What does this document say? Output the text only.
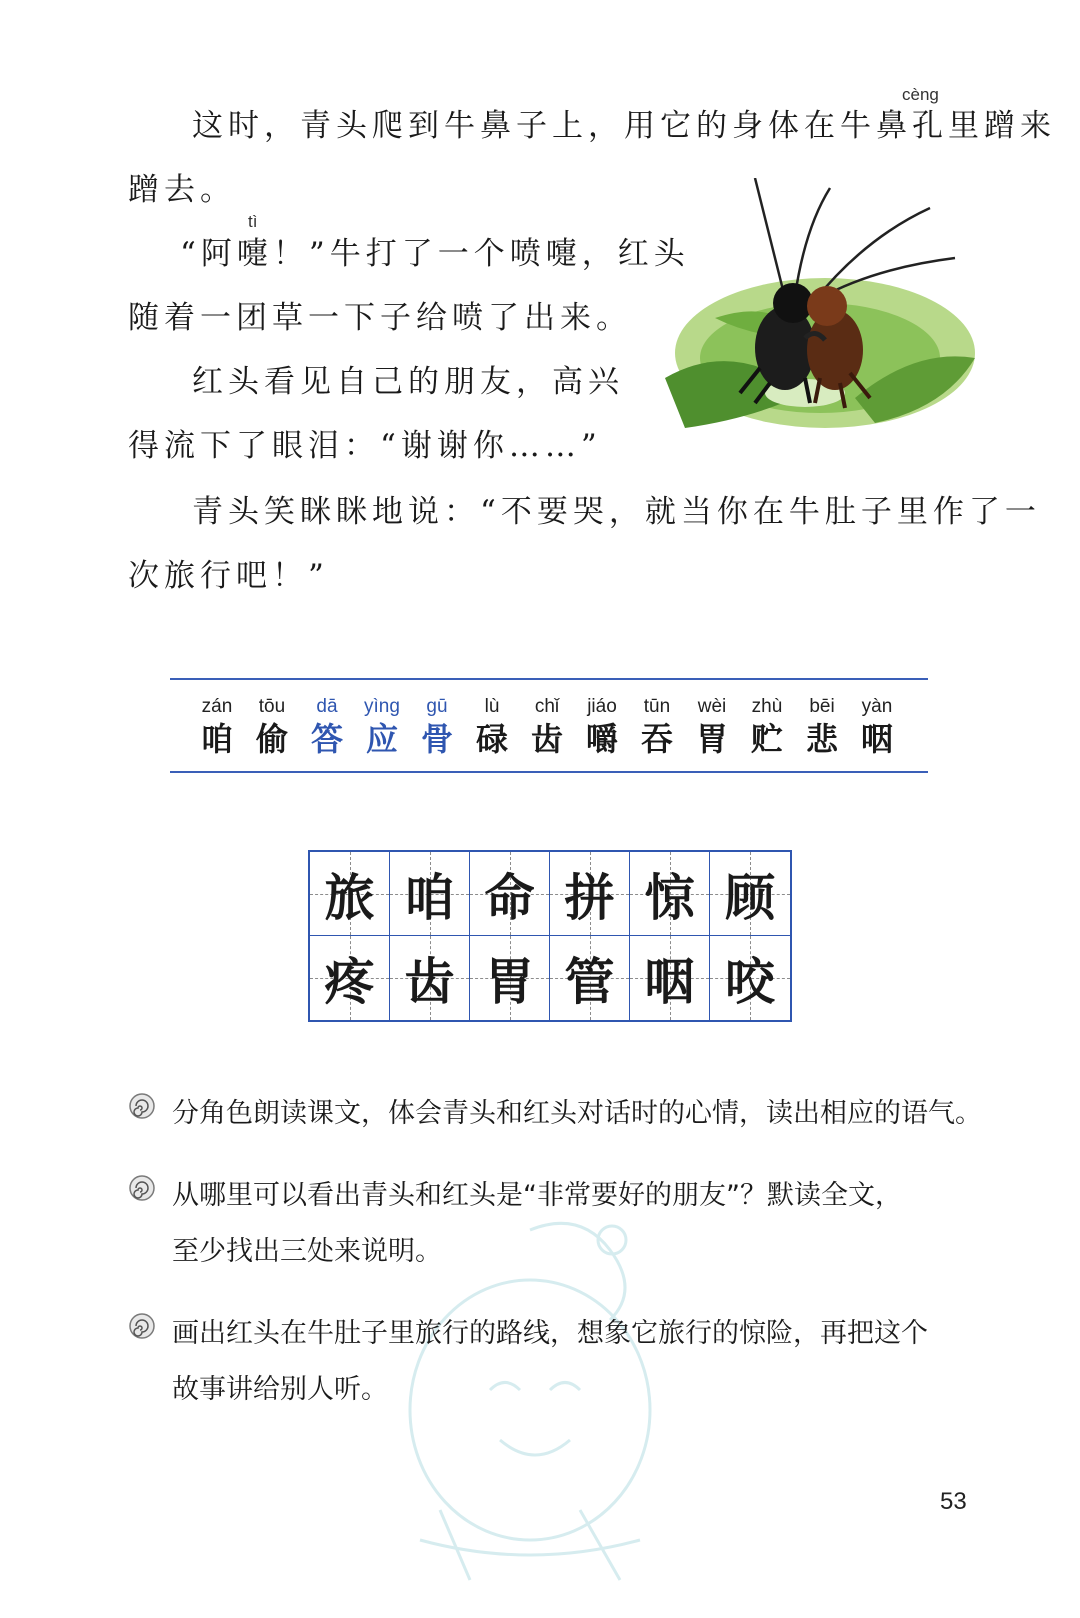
cèng
这时，青头爬到牛鼻子上，用它的身体在牛鼻孔里蹭来
蹭去。
tì
“阿嚏！”牛打了一个喷嚏，红头
随着一团草一下子给喷了出来。
红头看见自己的朋友，高兴
得流下了眼泪：“谢谢你……”
青头笑眯眯地说：“不要哭，就当你在牛肚子里作了一
次旅行吧！”
zán
咱
tōu
偷
dā
答
yìng
应
gū
骨
lù
碌
chǐ
齿
jiáo
嚼
tūn
吞
wèi
胃
zhù
贮
bēi
悲
yàn
咽
旅 咱 命 拼 惊 顾
疼 齿 胃 管 咽 咬
分角色朗读课文，体会青头和红头对话时的心情，读出相应的语气。
从哪里可以看出青头和红头是“非常要好的朋友”？默读全文，
至少找出三处来说明。
画出红头在牛肚子里旅行的路线，想象它旅行的惊险，再把这个
故事讲给别人听。
53
